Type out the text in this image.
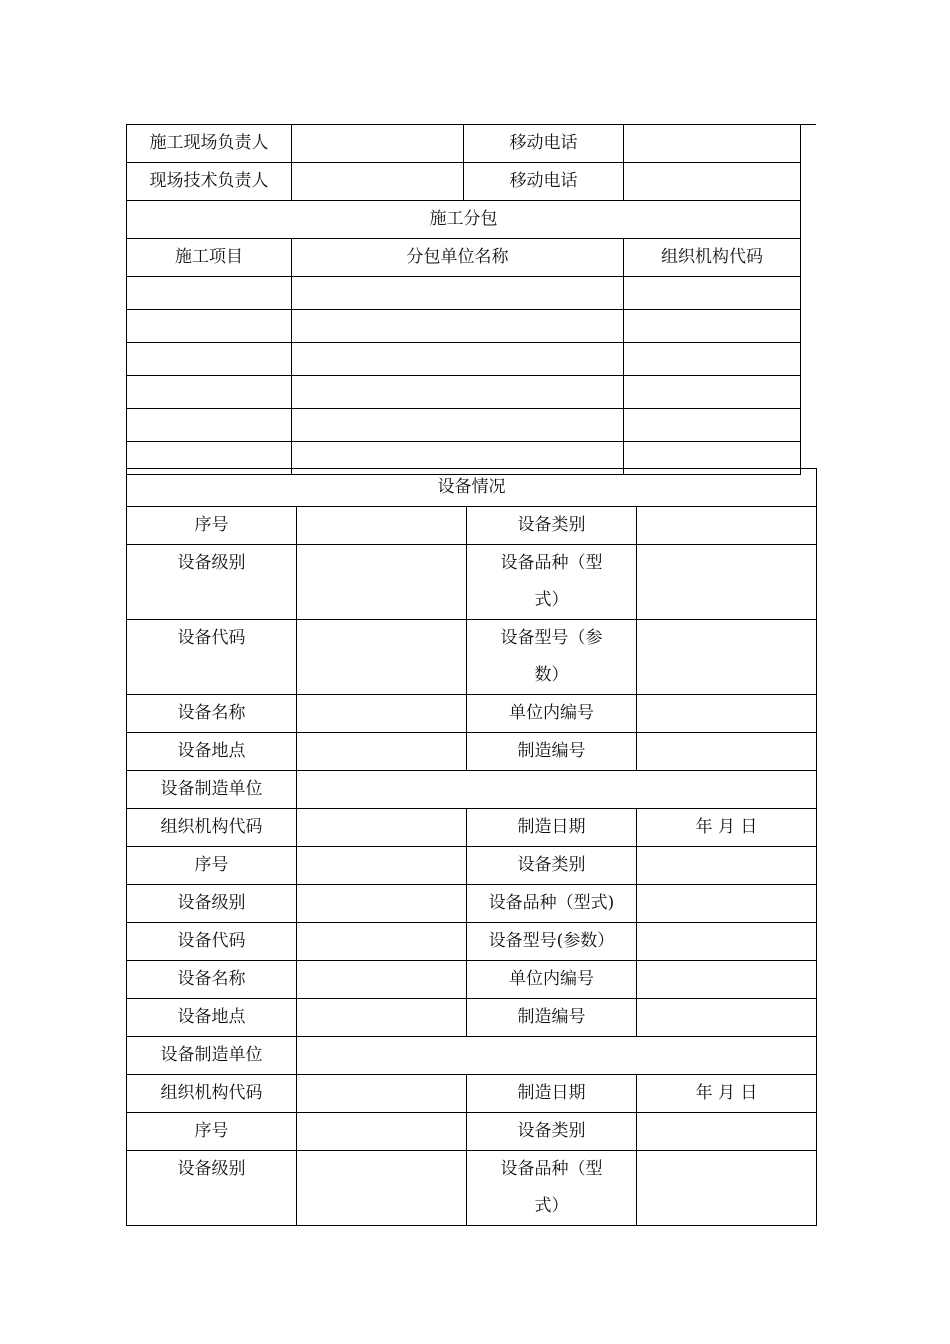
施工现场负责人		移动电话	
现场技术负责人		移动电话	
施工分包			
施工项目	分包单位名称		组织机构代码

设备情况			
序号		设备类别	
设备级别		设备品种（型式）	
设备代码		设备型号（参数）	
设备名称		单位内编号	
设备地点		制造编号	
设备制造单位			
组织机构代码		制造日期	年 月 日
序号		设备类别	
设备级别		设备品种（型式)	
设备代码		设备型号(参数）	
设备名称		单位内编号	
设备地点		制造编号	
设备制造单位			
组织机构代码		制造日期	年 月 日
序号		设备类别	
设备级别		设备品种（型式）	
